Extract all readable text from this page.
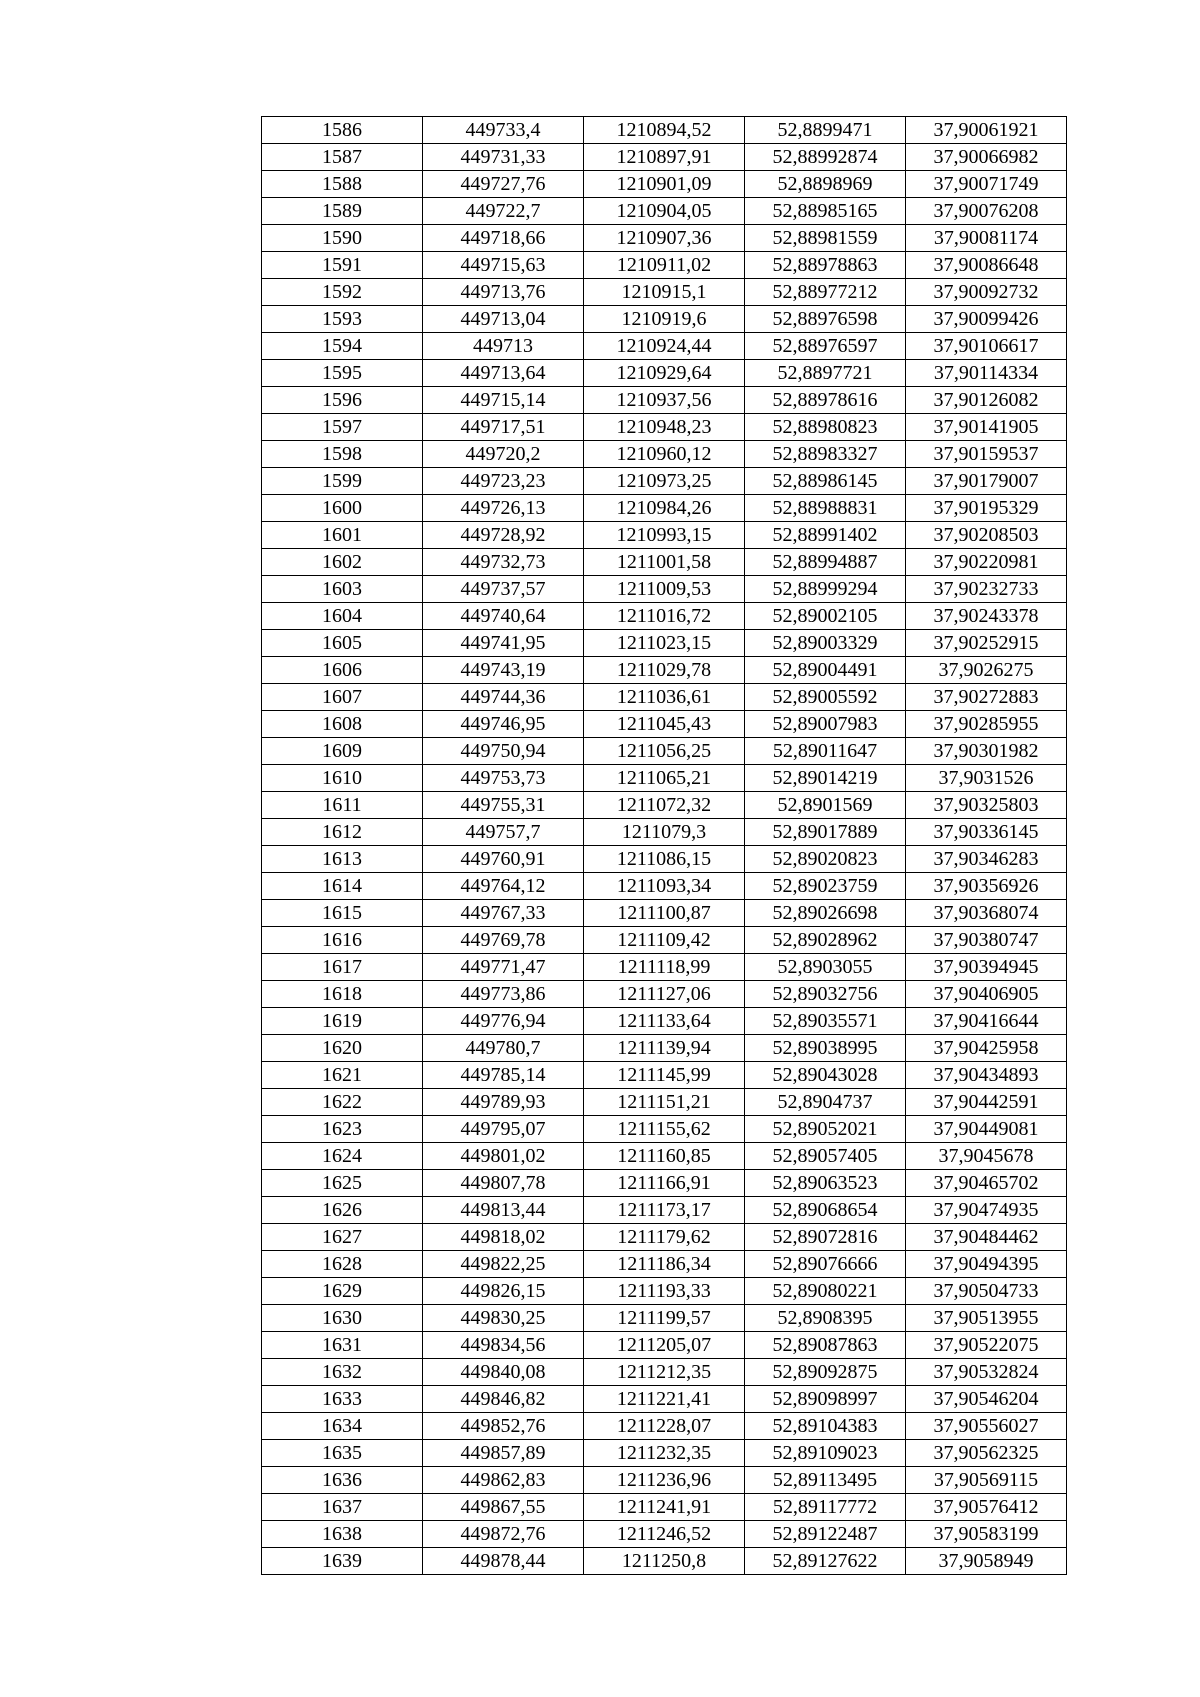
1586	449733,4	1210894,52	52,8899471	37,90061921
1587	449731,33	1210897,91	52,88992874	37,90066982
1588	449727,76	1210901,09	52,8898969	37,90071749
1589	449722,7	1210904,05	52,88985165	37,90076208
1590	449718,66	1210907,36	52,88981559	37,90081174
1591	449715,63	1210911,02	52,88978863	37,90086648
1592	449713,76	1210915,1	52,88977212	37,90092732
1593	449713,04	1210919,6	52,88976598	37,90099426
1594	449713	1210924,44	52,88976597	37,90106617
1595	449713,64	1210929,64	52,8897721	37,90114334
1596	449715,14	1210937,56	52,88978616	37,90126082
1597	449717,51	1210948,23	52,88980823	37,90141905
1598	449720,2	1210960,12	52,88983327	37,90159537
1599	449723,23	1210973,25	52,88986145	37,90179007
1600	449726,13	1210984,26	52,88988831	37,90195329
1601	449728,92	1210993,15	52,88991402	37,90208503
1602	449732,73	1211001,58	52,88994887	37,90220981
1603	449737,57	1211009,53	52,88999294	37,90232733
1604	449740,64	1211016,72	52,89002105	37,90243378
1605	449741,95	1211023,15	52,89003329	37,90252915
1606	449743,19	1211029,78	52,89004491	37,9026275
1607	449744,36	1211036,61	52,89005592	37,90272883
1608	449746,95	1211045,43	52,89007983	37,90285955
1609	449750,94	1211056,25	52,89011647	37,90301982
1610	449753,73	1211065,21	52,89014219	37,9031526
1611	449755,31	1211072,32	52,8901569	37,90325803
1612	449757,7	1211079,3	52,89017889	37,90336145
1613	449760,91	1211086,15	52,89020823	37,90346283
1614	449764,12	1211093,34	52,89023759	37,90356926
1615	449767,33	1211100,87	52,89026698	37,90368074
1616	449769,78	1211109,42	52,89028962	37,90380747
1617	449771,47	1211118,99	52,8903055	37,90394945
1618	449773,86	1211127,06	52,89032756	37,90406905
1619	449776,94	1211133,64	52,89035571	37,90416644
1620	449780,7	1211139,94	52,89038995	37,90425958
1621	449785,14	1211145,99	52,89043028	37,90434893
1622	449789,93	1211151,21	52,8904737	37,90442591
1623	449795,07	1211155,62	52,89052021	37,90449081
1624	449801,02	1211160,85	52,89057405	37,9045678
1625	449807,78	1211166,91	52,89063523	37,90465702
1626	449813,44	1211173,17	52,89068654	37,90474935
1627	449818,02	1211179,62	52,89072816	37,90484462
1628	449822,25	1211186,34	52,89076666	37,90494395
1629	449826,15	1211193,33	52,89080221	37,90504733
1630	449830,25	1211199,57	52,8908395	37,90513955
1631	449834,56	1211205,07	52,89087863	37,90522075
1632	449840,08	1211212,35	52,89092875	37,90532824
1633	449846,82	1211221,41	52,89098997	37,90546204
1634	449852,76	1211228,07	52,89104383	37,90556027
1635	449857,89	1211232,35	52,89109023	37,90562325
1636	449862,83	1211236,96	52,89113495	37,90569115
1637	449867,55	1211241,91	52,89117772	37,90576412
1638	449872,76	1211246,52	52,89122487	37,90583199
1639	449878,44	1211250,8	52,89127622	37,9058949
